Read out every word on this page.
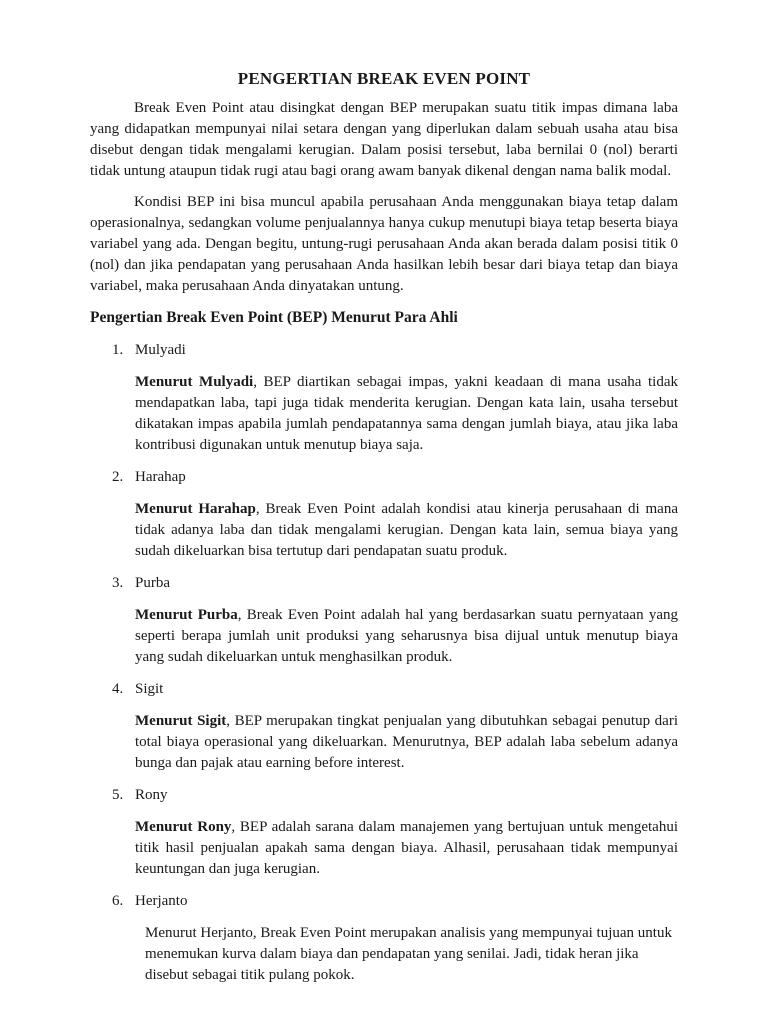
PENGERTIAN BREAK EVEN POINT

Break Even Point atau disingkat dengan BEP merupakan suatu titik impas dimana laba yang didapatkan mempunyai nilai setara dengan yang diperlukan dalam sebuah usaha atau bisa disebut dengan tidak mengalami kerugian. Dalam posisi tersebut, laba bernilai 0 (nol) berarti tidak untung ataupun tidak rugi atau bagi orang awam banyak dikenal dengan nama balik modal.

Kondisi BEP ini bisa muncul apabila perusahaan Anda menggunakan biaya tetap dalam operasionalnya, sedangkan volume penjualannya hanya cukup menutupi biaya tetap beserta biaya variabel yang ada. Dengan begitu, untung-rugi perusahaan Anda akan berada dalam posisi titik 0 (nol) dan jika pendapatan yang perusahaan Anda hasilkan lebih besar dari biaya tetap dan biaya variabel, maka perusahaan Anda dinyatakan untung.

Pengertian Break Even Point (BEP) Menurut Para Ahli
1. Mulyadi
Menurut Mulyadi, BEP diartikan sebagai impas, yakni keadaan di mana usaha tidak mendapatkan laba, tapi juga tidak menderita kerugian. Dengan kata lain, usaha tersebut dikatakan impas apabila jumlah pendapatannya sama dengan jumlah biaya, atau jika laba kontribusi digunakan untuk menutup biaya saja.
2. Harahap
Menurut Harahap, Break Even Point adalah kondisi atau kinerja perusahaan di mana tidak adanya laba dan tidak mengalami kerugian. Dengan kata lain, semua biaya yang sudah dikeluarkan bisa tertutup dari pendapatan suatu produk.
3. Purba
Menurut Purba, Break Even Point adalah hal yang berdasarkan suatu pernyataan yang seperti berapa jumlah unit produksi yang seharusnya bisa dijual untuk menutup biaya yang sudah dikeluarkan untuk menghasilkan produk.
4. Sigit
Menurut Sigit, BEP merupakan tingkat penjualan yang dibutuhkan sebagai penutup dari total biaya operasional yang dikeluarkan. Menurutnya, BEP adalah laba sebelum adanya bunga dan pajak atau earning before interest.
5. Rony
Menurut Rony, BEP adalah sarana dalam manajemen yang bertujuan untuk mengetahui titik hasil penjualan apakah sama dengan biaya. Alhasil, perusahaan tidak mempunyai keuntungan dan juga kerugian.
6. Herjanto
Menurut Herjanto, Break Even Point merupakan analisis yang mempunyai tujuan untuk menemukan kurva dalam biaya dan pendapatan yang senilai. Jadi, tidak heran jika disebut sebagai titik pulang pokok.
